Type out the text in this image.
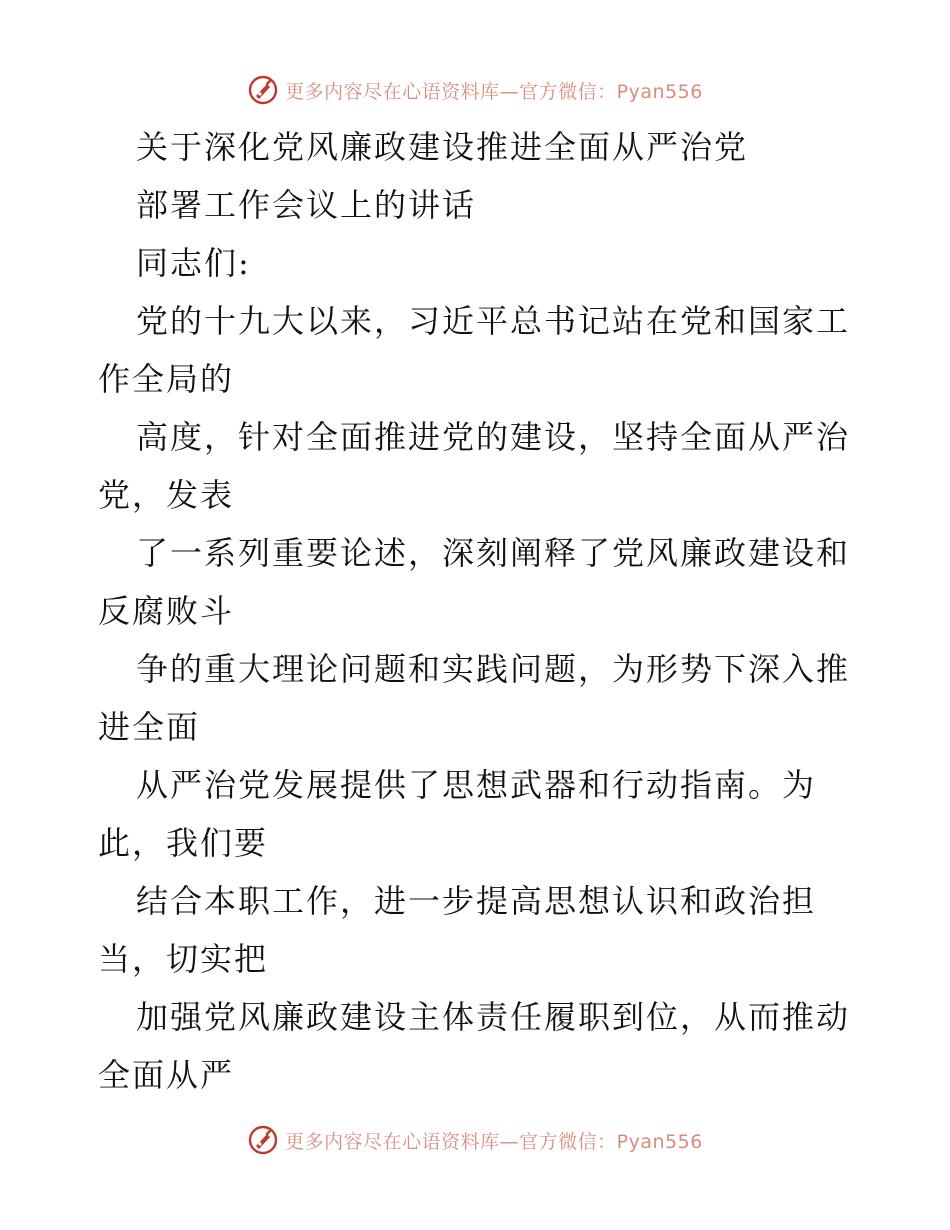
更多内容尽在心语资料库—官方微信：Pyan556
关于深化党风廉政建设推进全面从严治党
部署工作会议上的讲话
同志们:
党的十九大以来，习近平总书记站在党和国家工
作全局的
高度，针对全面推进党的建设，坚持全面从严治
党，发表
了一系列重要论述，深刻阐释了党风廉政建设和
反腐败斗
争的重大理论问题和实践问题，为形势下深入推
进全面
从严治党发展提供了思想武器和行动指南。为
此，我们要
结合本职工作，进一步提高思想认识和政治担
当，切实把
加强党风廉政建设主体责任履职到位，从而推动
全面从严
更多内容尽在心语资料库—官方微信：Pyan556
